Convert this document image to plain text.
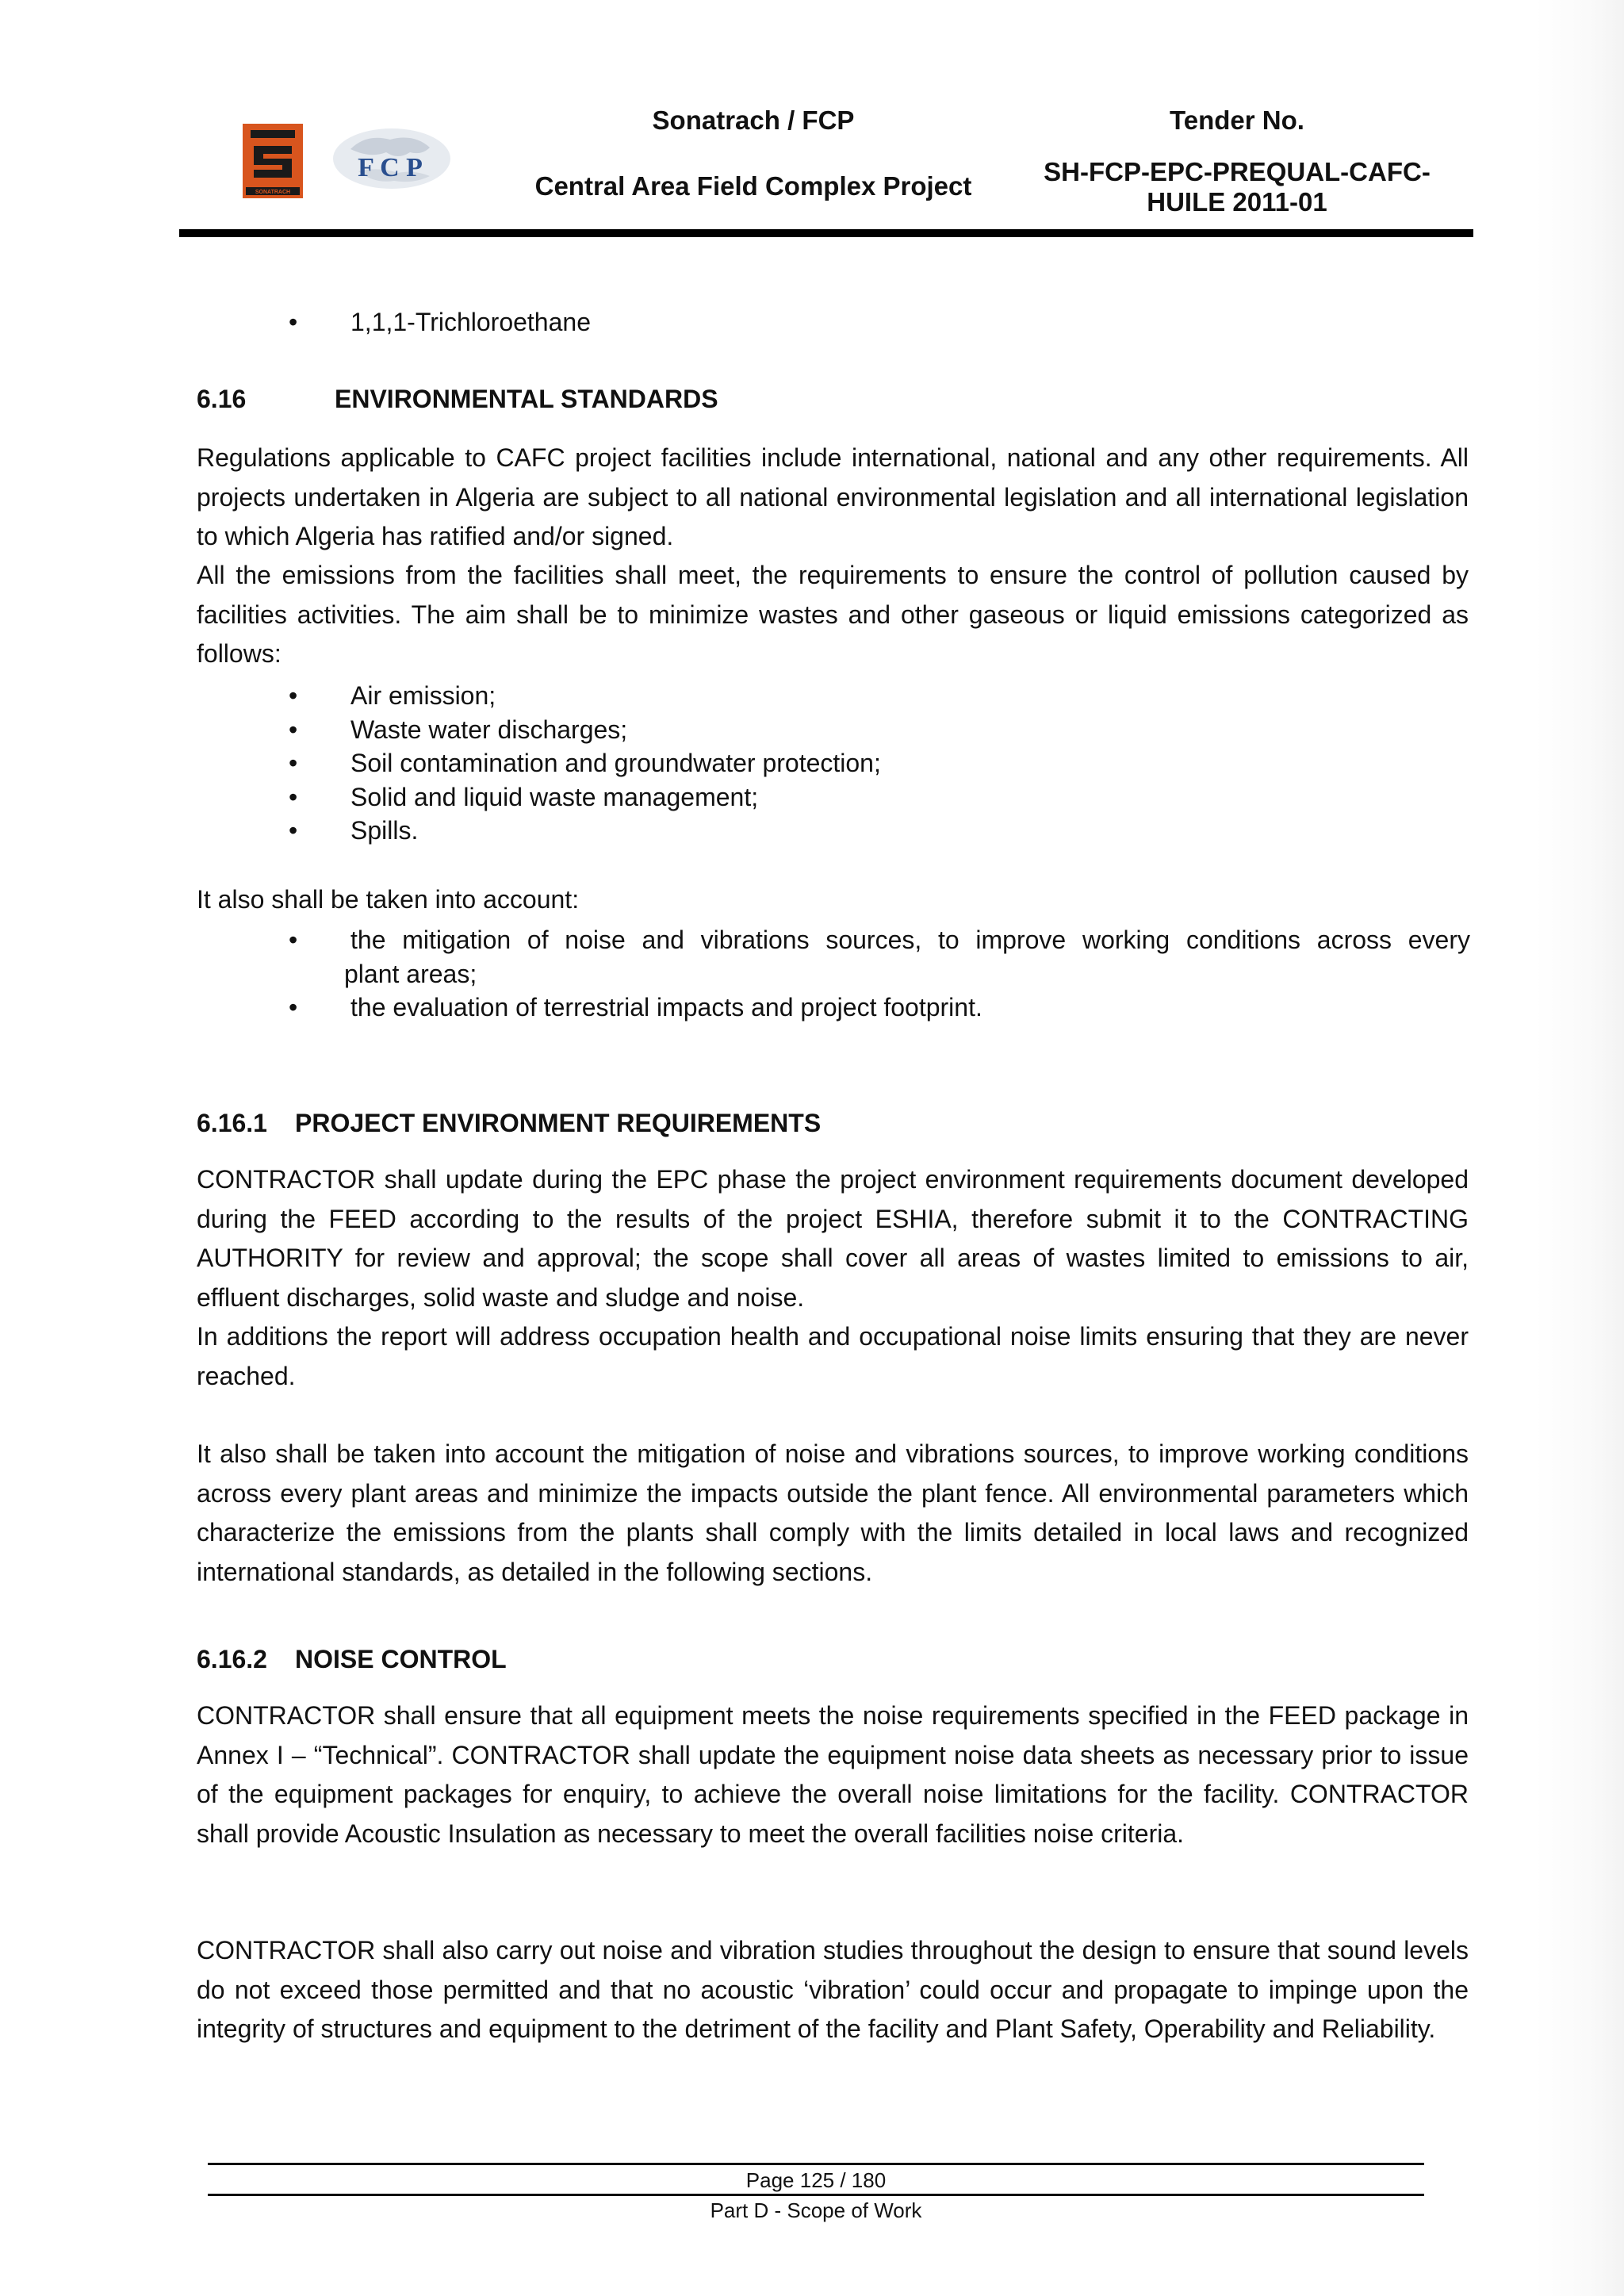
SONATRACH
F C P
Sonatrach / FCP
Central Area Field Complex Project
Tender No.
SH-FCP-EPC-PREQUAL-CAFC-
HUILE 2011-01
• 1,1,1-Trichloroethane
6.16	ENVIRONMENTAL STANDARDS
Regulations applicable to CAFC project facilities include international, national and any other requirements. All projects undertaken in Algeria are subject to all national environmental legislation and all international legislation to which Algeria has ratified and/or signed.
All the emissions from the facilities shall meet, the requirements to ensure the control of pollution caused by facilities activities. The aim shall be to minimize wastes and other gaseous or liquid emissions categorized as follows:
• Air emission;
• Waste water discharges;
• Soil contamination and groundwater protection;
• Solid and liquid waste management;
• Spills.
It also shall be taken into account:
• the mitigation of noise and vibrations sources, to improve working conditions across every
plant areas;
• the evaluation of terrestrial impacts and project footprint.
6.16.1 PROJECT ENVIRONMENT REQUIREMENTS
CONTRACTOR shall update during the EPC phase the project environment requirements document developed during the FEED according to the results of the project ESHIA, therefore submit it to the CONTRACTING AUTHORITY for review and approval; the scope shall cover all areas of wastes limited to emissions to air, effluent discharges, solid waste and sludge and noise.
In additions the report will address occupation health and occupational noise limits ensuring that they are never reached.
It also shall be taken into account the mitigation of noise and vibrations sources, to improve working conditions across every plant areas and minimize the impacts outside the plant fence. All environmental parameters which characterize the emissions from the plants shall comply with the limits detailed in local laws and recognized international standards, as detailed in the following sections.
6.16.2 NOISE CONTROL
CONTRACTOR shall ensure that all equipment meets the noise requirements specified in the FEED package in Annex I – “Technical”. CONTRACTOR shall update the equipment noise data sheets as necessary prior to issue of the equipment packages for enquiry, to achieve the overall noise limitations for the facility. CONTRACTOR shall provide Acoustic Insulation as necessary to meet the overall facilities noise criteria.
CONTRACTOR shall also carry out noise and vibration studies throughout the design to ensure that sound levels do not exceed those permitted and that no acoustic ‘vibration’ could occur and propagate to impinge upon the integrity of structures and equipment to the detriment of the facility and Plant Safety, Operability and Reliability.
Page 125 / 180
Part D - Scope of Work
